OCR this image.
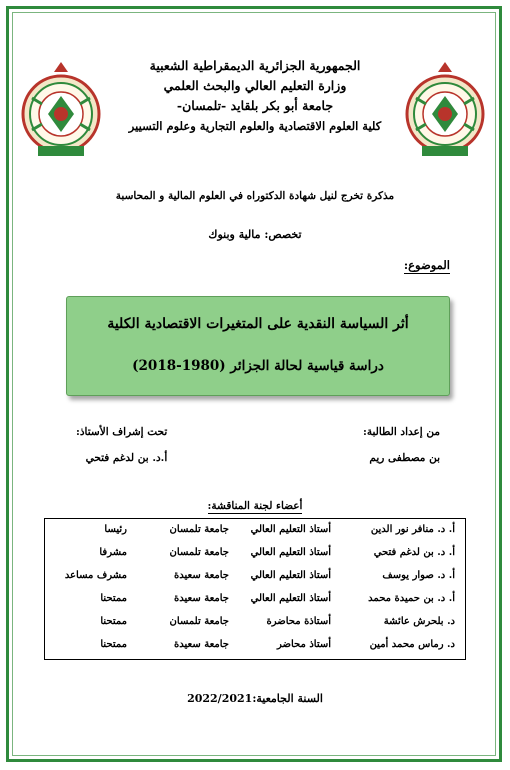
TLEMCEN
الجمهورية الجزائرية الديمقراطية الشعبية
وزارة التعليم العالي والبحث العلمي
جامعة أبو بكر بلقايد -تلمسان-
كلية العلوم الاقتصادية والعلوم التجارية وعلوم التسيير
مذكرة تخرج لنيل شهادة الدكتوراه في العلوم المالية و المحاسبة
تخصص: مالية وبنوك
الموضوع:
أثر السياسة النقدية على المتغيرات الاقتصادية الكلية
دراسة قياسية لحالة الجزائر (1980-2018)
من إعداد الطالبة:
بن مصطفى ريم
تحت إشراف الأستاذ:
أ.د. بن لدغم فتحي
أعضاء لجنة المناقشة:
أ. د. منافر نور الدين
أستاذ التعليم العالي
جامعة تلمسان
رئيسا
أ. د. بن لدغم فتحي
أستاذ التعليم العالي
جامعة تلمسان
مشرفا
أ. د. صوار يوسف
أستاذ التعليم العالي
جامعة سعيدة
مشرف مساعد
أ. د. بن حميدة محمد
أستاذ التعليم العالي
جامعة سعيدة
ممتحنا
د. بلحرش عائشة
أستاذة محاضرة
جامعة تلمسان
ممتحنا
د. رماس محمد أمين
أستاذ محاضر
جامعة سعيدة
ممتحنا
السنة الجامعية:2022/2021
